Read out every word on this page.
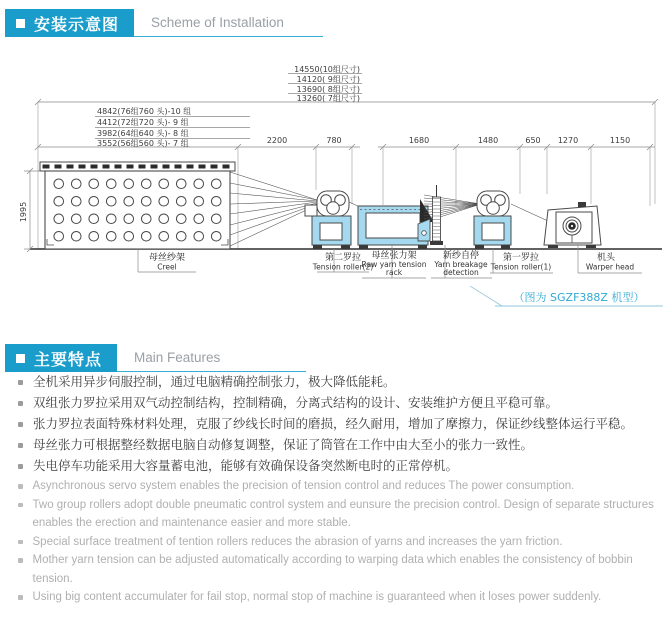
安装示意图 Scheme of Installation
14550(10组尺寸)
14120( 9组尺寸)
13690( 8组尺寸)
13260( 7组尺寸)
4842(76组760 头)-10 组
4412(72组720 头)- 9 组
3982(64组640 头)- 8 组
3552(56组560 头)- 7 组	2200	780	1680	1480	650 1270	1150
1995
母丝纱架
Creel
第二罗拉
Tension roller(2)
母丝张力架
Raw yarn tension
rack
新纱自停
Yarn breakage
detection
第一罗拉
Tension roller(1)
机头
Warper head
（图为 SGZF388Z 机型）
主要特点 Main Features
全机采用异步伺服控制，通过电脑精确控制张力，极大降低能耗。
双组张力罗拉采用双气动控制结构，控制精确，分离式结构的设计、安装维护方便且平稳可靠。
张力罗拉表面特殊材料处理，克服了纱线长时间的磨损，经久耐用，增加了摩擦力，保证纱线整体运行平稳。
母丝张力可根据整经数据电脑自动修复调整，保证了筒管在工作中由大至小的张力一致性。
失电停车功能采用大容量蓄电池，能够有效确保设备突然断电时的正常停机。
Asynchronous servo system enables the precision of tension control and reduces The power consumption.
Two group rollers adopt double pneumatic control system and eunsure the precision control. Design of separate structures enables the erection and maintenance easier and more stable.
Special surface treatment of tention rollers reduces the abrasion of yarns and increases the yarn friction.
Mother yarn tension can be adjusted automatically according to warping data which enables the consistency of bobbin tension.
Using big content accumulater for fail stop, normal stop of machine is guaranteed when it loses power suddenly.
